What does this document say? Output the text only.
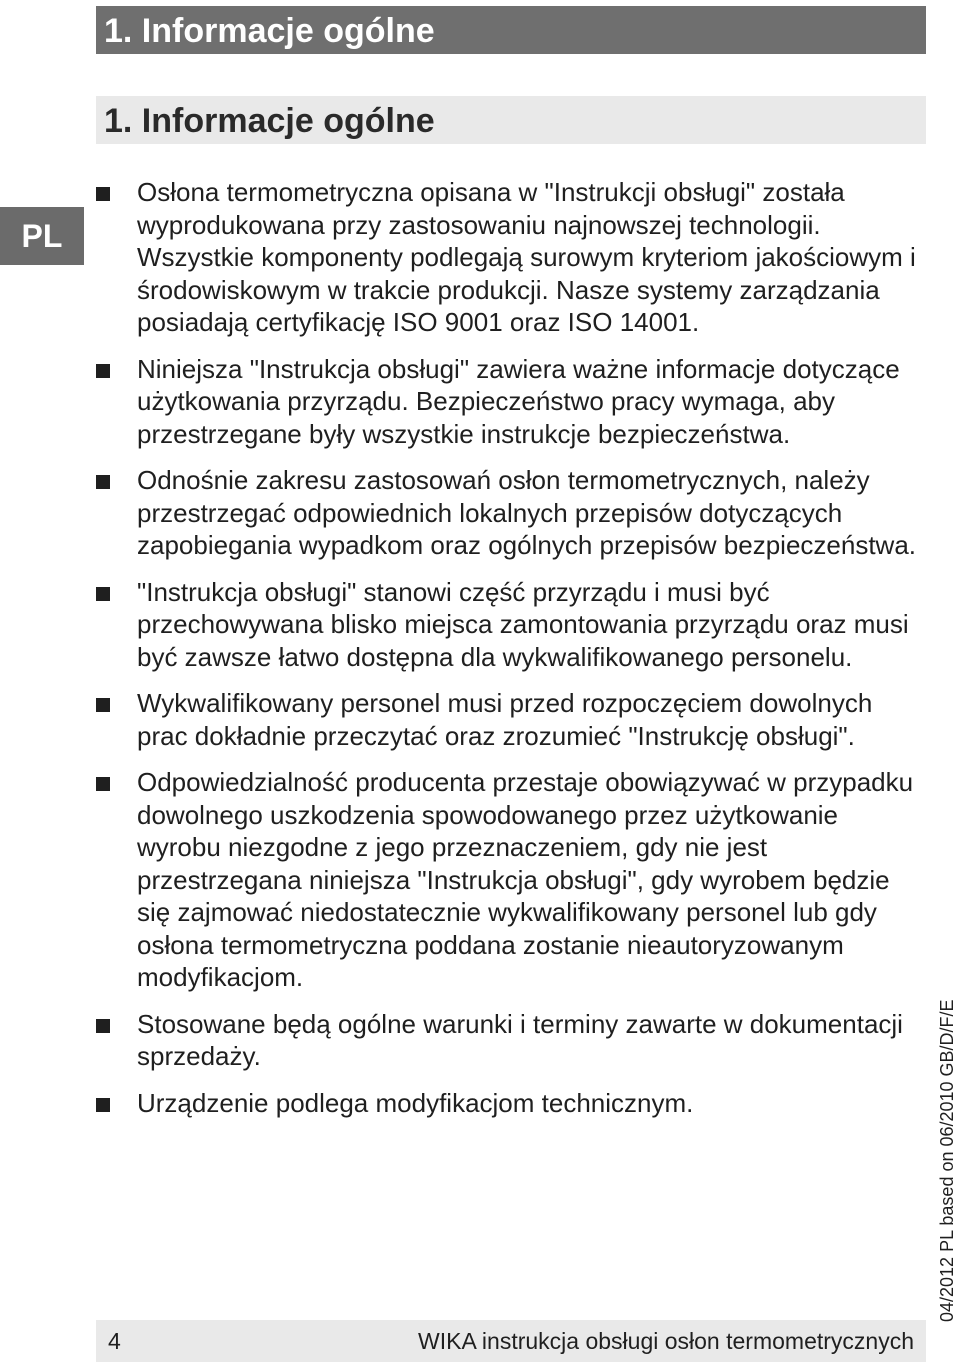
1. Informacje ogólne
1. Informacje ogólne
PL
Osłona termometryczna opisana w "Instrukcji obsługi" została wyprodukowana przy zastosowaniu najnowszej technologii. Wszystkie komponenty podlegają surowym kryteriom jakościowym i środowiskowym w trakcie produkcji. Nasze systemy zarządzania posiadają certyfikację ISO 9001 oraz ISO 14001.
Niniejsza "Instrukcja obsługi" zawiera ważne informacje dotyczące użytkowania przyrządu. Bezpieczeństwo pracy wymaga, aby przestrzegane były wszystkie instrukcje bezpieczeństwa.
Odnośnie zakresu zastosowań osłon termometrycznych, należy przestrzegać odpowiednich lokalnych przepisów dotyczących zapobiegania wypadkom oraz ogólnych przepisów bezpieczeństwa.
"Instrukcja obsługi" stanowi część przyrządu i musi być przechowywana blisko miejsca zamontowania przyrządu oraz musi być zawsze łatwo dostępna dla wykwalifikowanego personelu.
Wykwalifikowany personel musi przed rozpoczęciem dowolnych prac dokładnie przeczytać oraz zrozumieć "Instrukcję obsługi".
Odpowiedzialność producenta przestaje obowiązywać w przypadku dowolnego uszkodzenia spowodowanego przez użytkowanie wyrobu niezgodne z jego przeznaczeniem, gdy nie jest przestrzegana niniejsza "Instrukcja obsługi", gdy wyrobem będzie się zajmować niedostatecznie wykwalifikowany personel lub gdy osłona termometryczna poddana zostanie nieautoryzowanym modyfikacjom.
Stosowane będą ogólne warunki i terminy zawarte w dokumentacji sprzedaży.
Urządzenie podlega modyfikacjom technicznym.	04/2012 PL based on 06/2010 GB/D/F/E
4	WIKA instrukcja obsługi osłon termometrycznych
